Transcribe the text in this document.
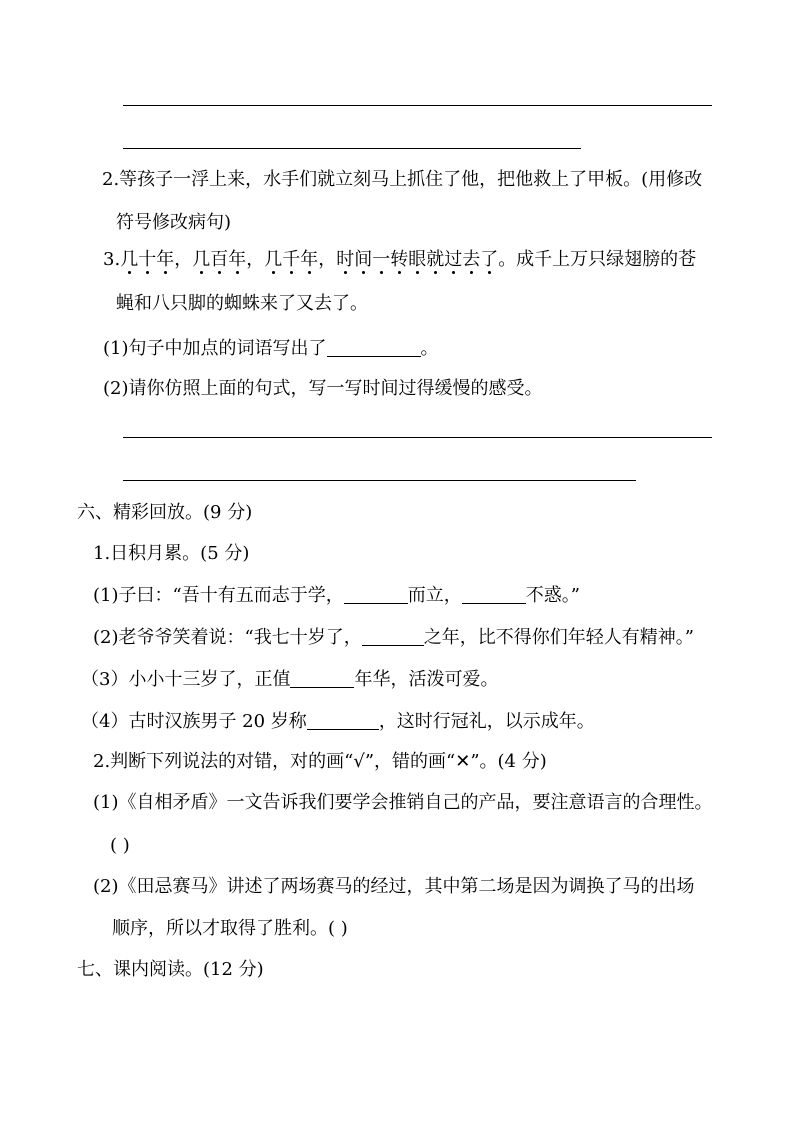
2.等孩子一浮上来，水手们就立刻马上抓住了他，把他救上了甲板。(用修改
符号修改病句)
3.几十年，几百年，几千年，时间一转眼就过去了。成千上万只绿翅膀的苍
蝇和八只脚的蜘蛛来了又去了。
(1)句子中加点的词语写出了	。
(2)请你仿照上面的句式，写一写时间过得缓慢的感受。
六、精彩回放。(9 分)
1.日积月累。(5 分)
(1)子曰：“吾十有五而志于学，	而立，	不惑。”
(2)老爷爷笑着说：“我七十岁了，	之年，比不得你们年轻人有精神。”
（3）小小十三岁了，正值	年华，活泼可爱。
（4）古时汉族男子 20 岁称	，这时行冠礼，以示成年。
2.判断下列说法的对错，对的画“√”，错的画“✕”。(4 分)
(1)《自相矛盾》一文告诉我们要学会推销自己的产品，要注意语言的合理性。
( )
(2)《田忌赛马》讲述了两场赛马的经过，其中第二场是因为调换了马的出场
顺序，所以才取得了胜利。( )
七、课内阅读。(12 分)
